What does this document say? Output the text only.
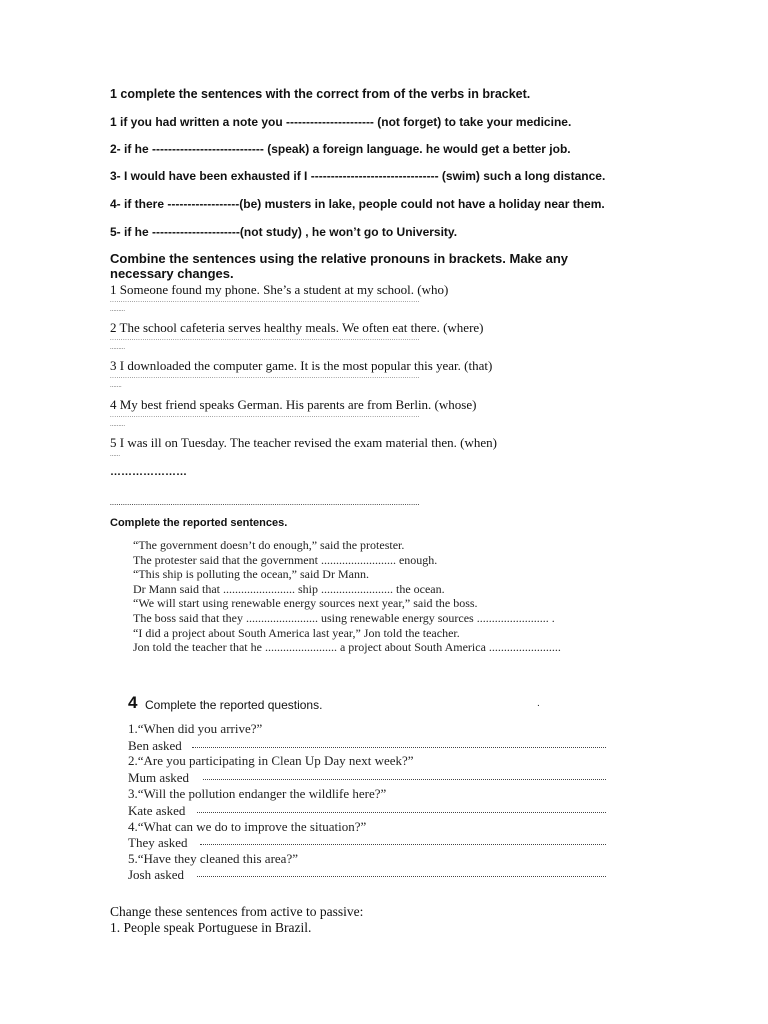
1 complete the sentences with the correct from of the verbs in bracket.
1 if you had written a note you ---------------------- (not forget) to take your medicine.
2- if he ---------------------------- (speak) a foreign language. he would get a better job.
3- I would have been exhausted if I -------------------------------- (swim) such a long distance.
4- if there ------------------(be) musters in lake, people could not have a holiday near them.
5- if he ----------------------(not study) , he won’t go to University.
Combine the sentences using the relative pronouns in brackets. Make any
necessary changes.
1 Someone found my phone. She’s a student at my school. (who)
...............................................................................................................................................
.........
2 The school cafeteria serves healthy meals. We often eat there. (where)
...............................................................................................................................................
.........
3 I downloaded the computer game. It is the most popular this year. (that)
...............................................................................................................................................
.......
4 My best friend speaks German. His parents are from Berlin. (whose)
...............................................................................................................................................
.........
5 I was ill on Tuesday. The teacher revised the exam material then. (when)
......
…………………
...............................................................................................................................................
Complete the reported sentences.
“The government doesn’t do enough,” said the protester.
The protester said that the government ......................... enough.
“This ship is polluting the ocean,” said Dr Mann.
Dr Mann said that ........................ ship ........................ the ocean.
“We will start using renewable energy sources next year,” said the boss.
The boss said that they ........................ using renewable energy sources ........................ .
“I did a project about South America last year,” Jon told the teacher.
Jon told the teacher that he ........................ a project about South America ........................
4 Complete the reported questions.	.
1.“When did you arrive?”
Ben asked
2.“Are you participating in Clean Up Day next week?”
Mum asked
3.“Will the pollution endanger the wildlife here?”
Kate asked
4.“What can we do to improve the situation?”
They asked
5.“Have they cleaned this area?”
Josh asked
Change these sentences from active to passive:
1. People speak Portuguese in Brazil.
